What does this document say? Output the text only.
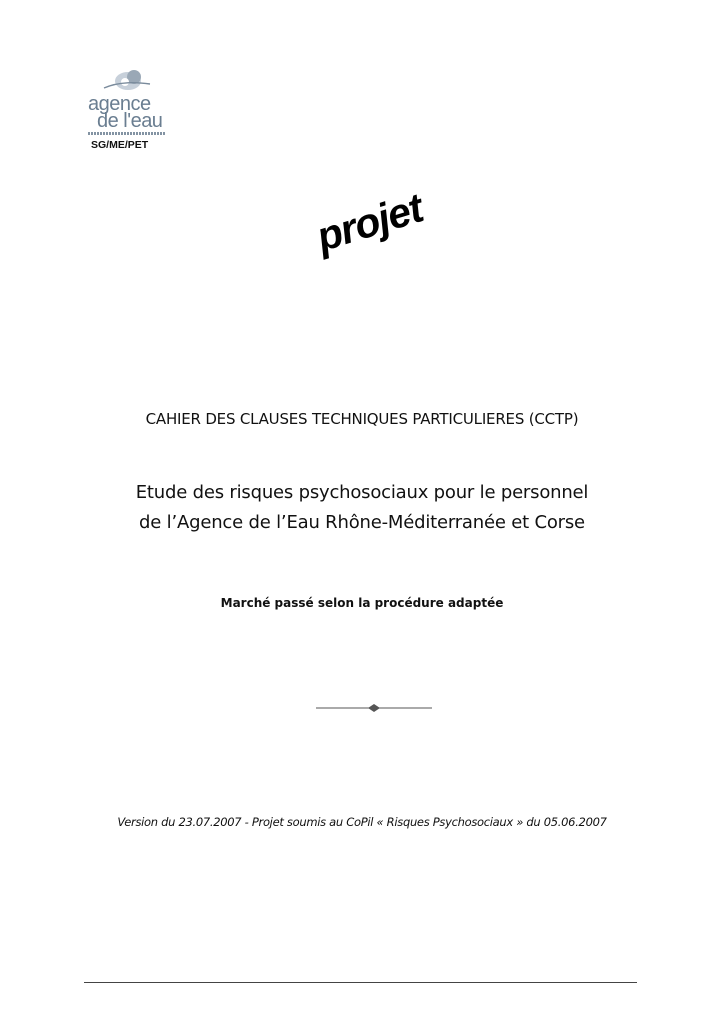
agence
de l'eau
SG/ME/PET
projet
CAHIER DES CLAUSES TECHNIQUES PARTICULIERES (CCTP)
Etude des risques psychosociaux pour le personnel
de l’Agence de l’Eau Rhône-Méditerranée et Corse
Marché passé selon la procédure adaptée
Version du 23.07.2007 - Projet soumis au CoPil « Risques Psychosociaux » du 05.06.2007
